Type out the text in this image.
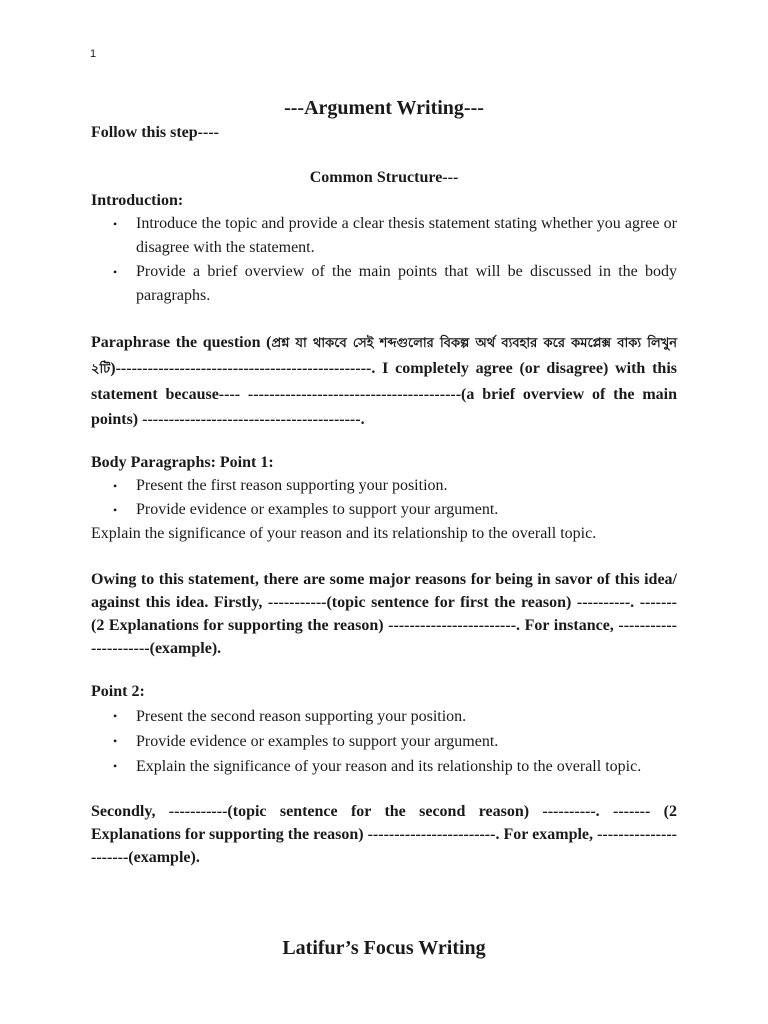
1
---Argument Writing---
Follow this step----
Common Structure---
Introduction:
• Introduce the topic and provide a clear thesis statement stating whether you agree or disagree with the statement.
• Provide a brief overview of the main points that will be discussed in the body paragraphs.
Paraphrase the question (প্রশ্ন যা থাকবে সেই শব্দগুলোর বিকল্প অর্থ ব্যবহার করে কমপ্লেক্স বাক্য লিখুন ২টি)------------------------------------------------. I completely agree (or disagree) with this statement because---- ----------------------------------------(a brief overview of the main points) -----------------------------------------.
Body Paragraphs: Point 1:
• Present the first reason supporting your position.
• Provide evidence or examples to support your argument.
Explain the significance of your reason and its relationship to the overall topic.
Owing to this statement, there are some major reasons for being in savor of this idea/ against this idea. Firstly, -----------(topic sentence for first the reason) ----------. ------- (2 Explanations for supporting the reason) ------------------------. For instance, ----------------------(example).
Point 2:
• Present the second reason supporting your position.
• Provide evidence or examples to support your argument.
• Explain the significance of your reason and its relationship to the overall topic.
Secondly, -----------(topic sentence for the second reason) ----------. ------- (2 Explanations for supporting the reason) ------------------------. For example, ----------------------(example).
Latifur’s Focus Writing
